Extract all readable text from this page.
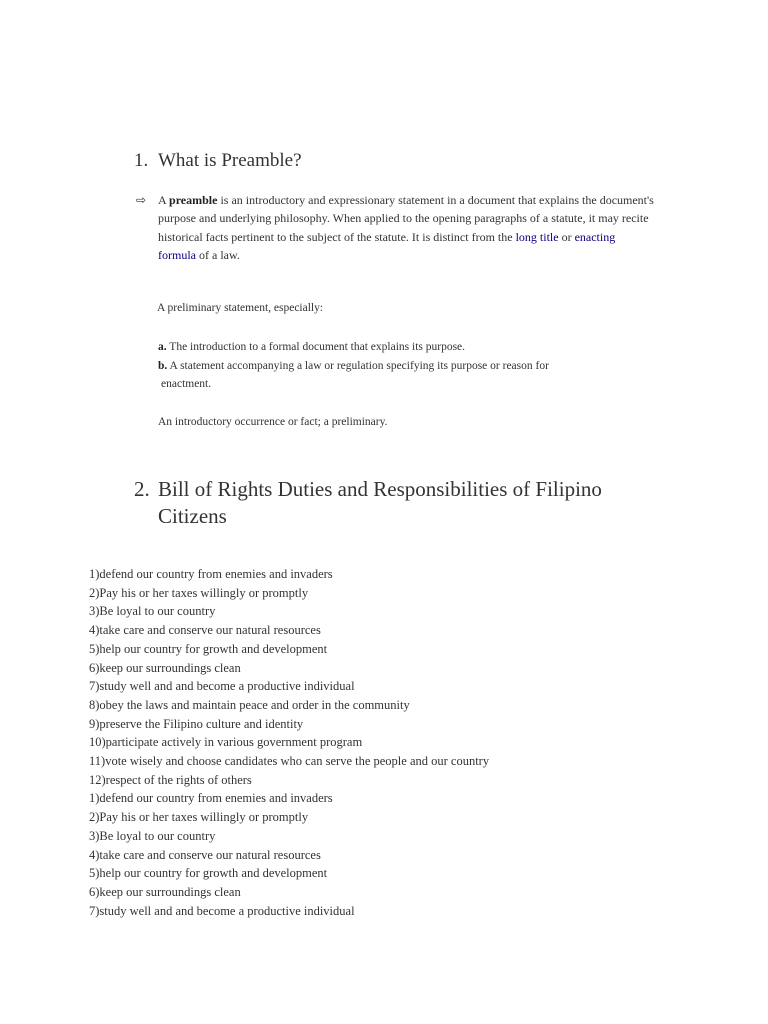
1. What is Preamble?
⇨ A preamble is an introductory and expressionary statement in a document that explains the document's purpose and underlying philosophy. When applied to the opening paragraphs of a statute, it may recite historical facts pertinent to the subject of the statute. It is distinct from the long title or enacting formula of a law.
A preliminary statement, especially:
a. The introduction to a formal document that explains its purpose.
b. A statement accompanying a law or regulation specifying its purpose or reason for
enactment.
An introductory occurrence or fact; a preliminary.
2. Bill of Rights Duties and Responsibilities of Filipino Citizens
1)defend our country from enemies and invaders
2)Pay his or her taxes willingly or promptly
3)Be loyal to our country
4)take care and conserve our natural resources
5)help our country for growth and development
6)keep our surroundings clean
7)study well and and become a productive individual
8)obey the laws and maintain peace and order in the community
9)preserve the Filipino culture and identity
10)participate actively in various government program
11)vote wisely and choose candidates who can serve the people and our country
12)respect of the rights of others
1)defend our country from enemies and invaders
2)Pay his or her taxes willingly or promptly
3)Be loyal to our country
4)take care and conserve our natural resources
5)help our country for growth and development
6)keep our surroundings clean
7)study well and and become a productive individual
